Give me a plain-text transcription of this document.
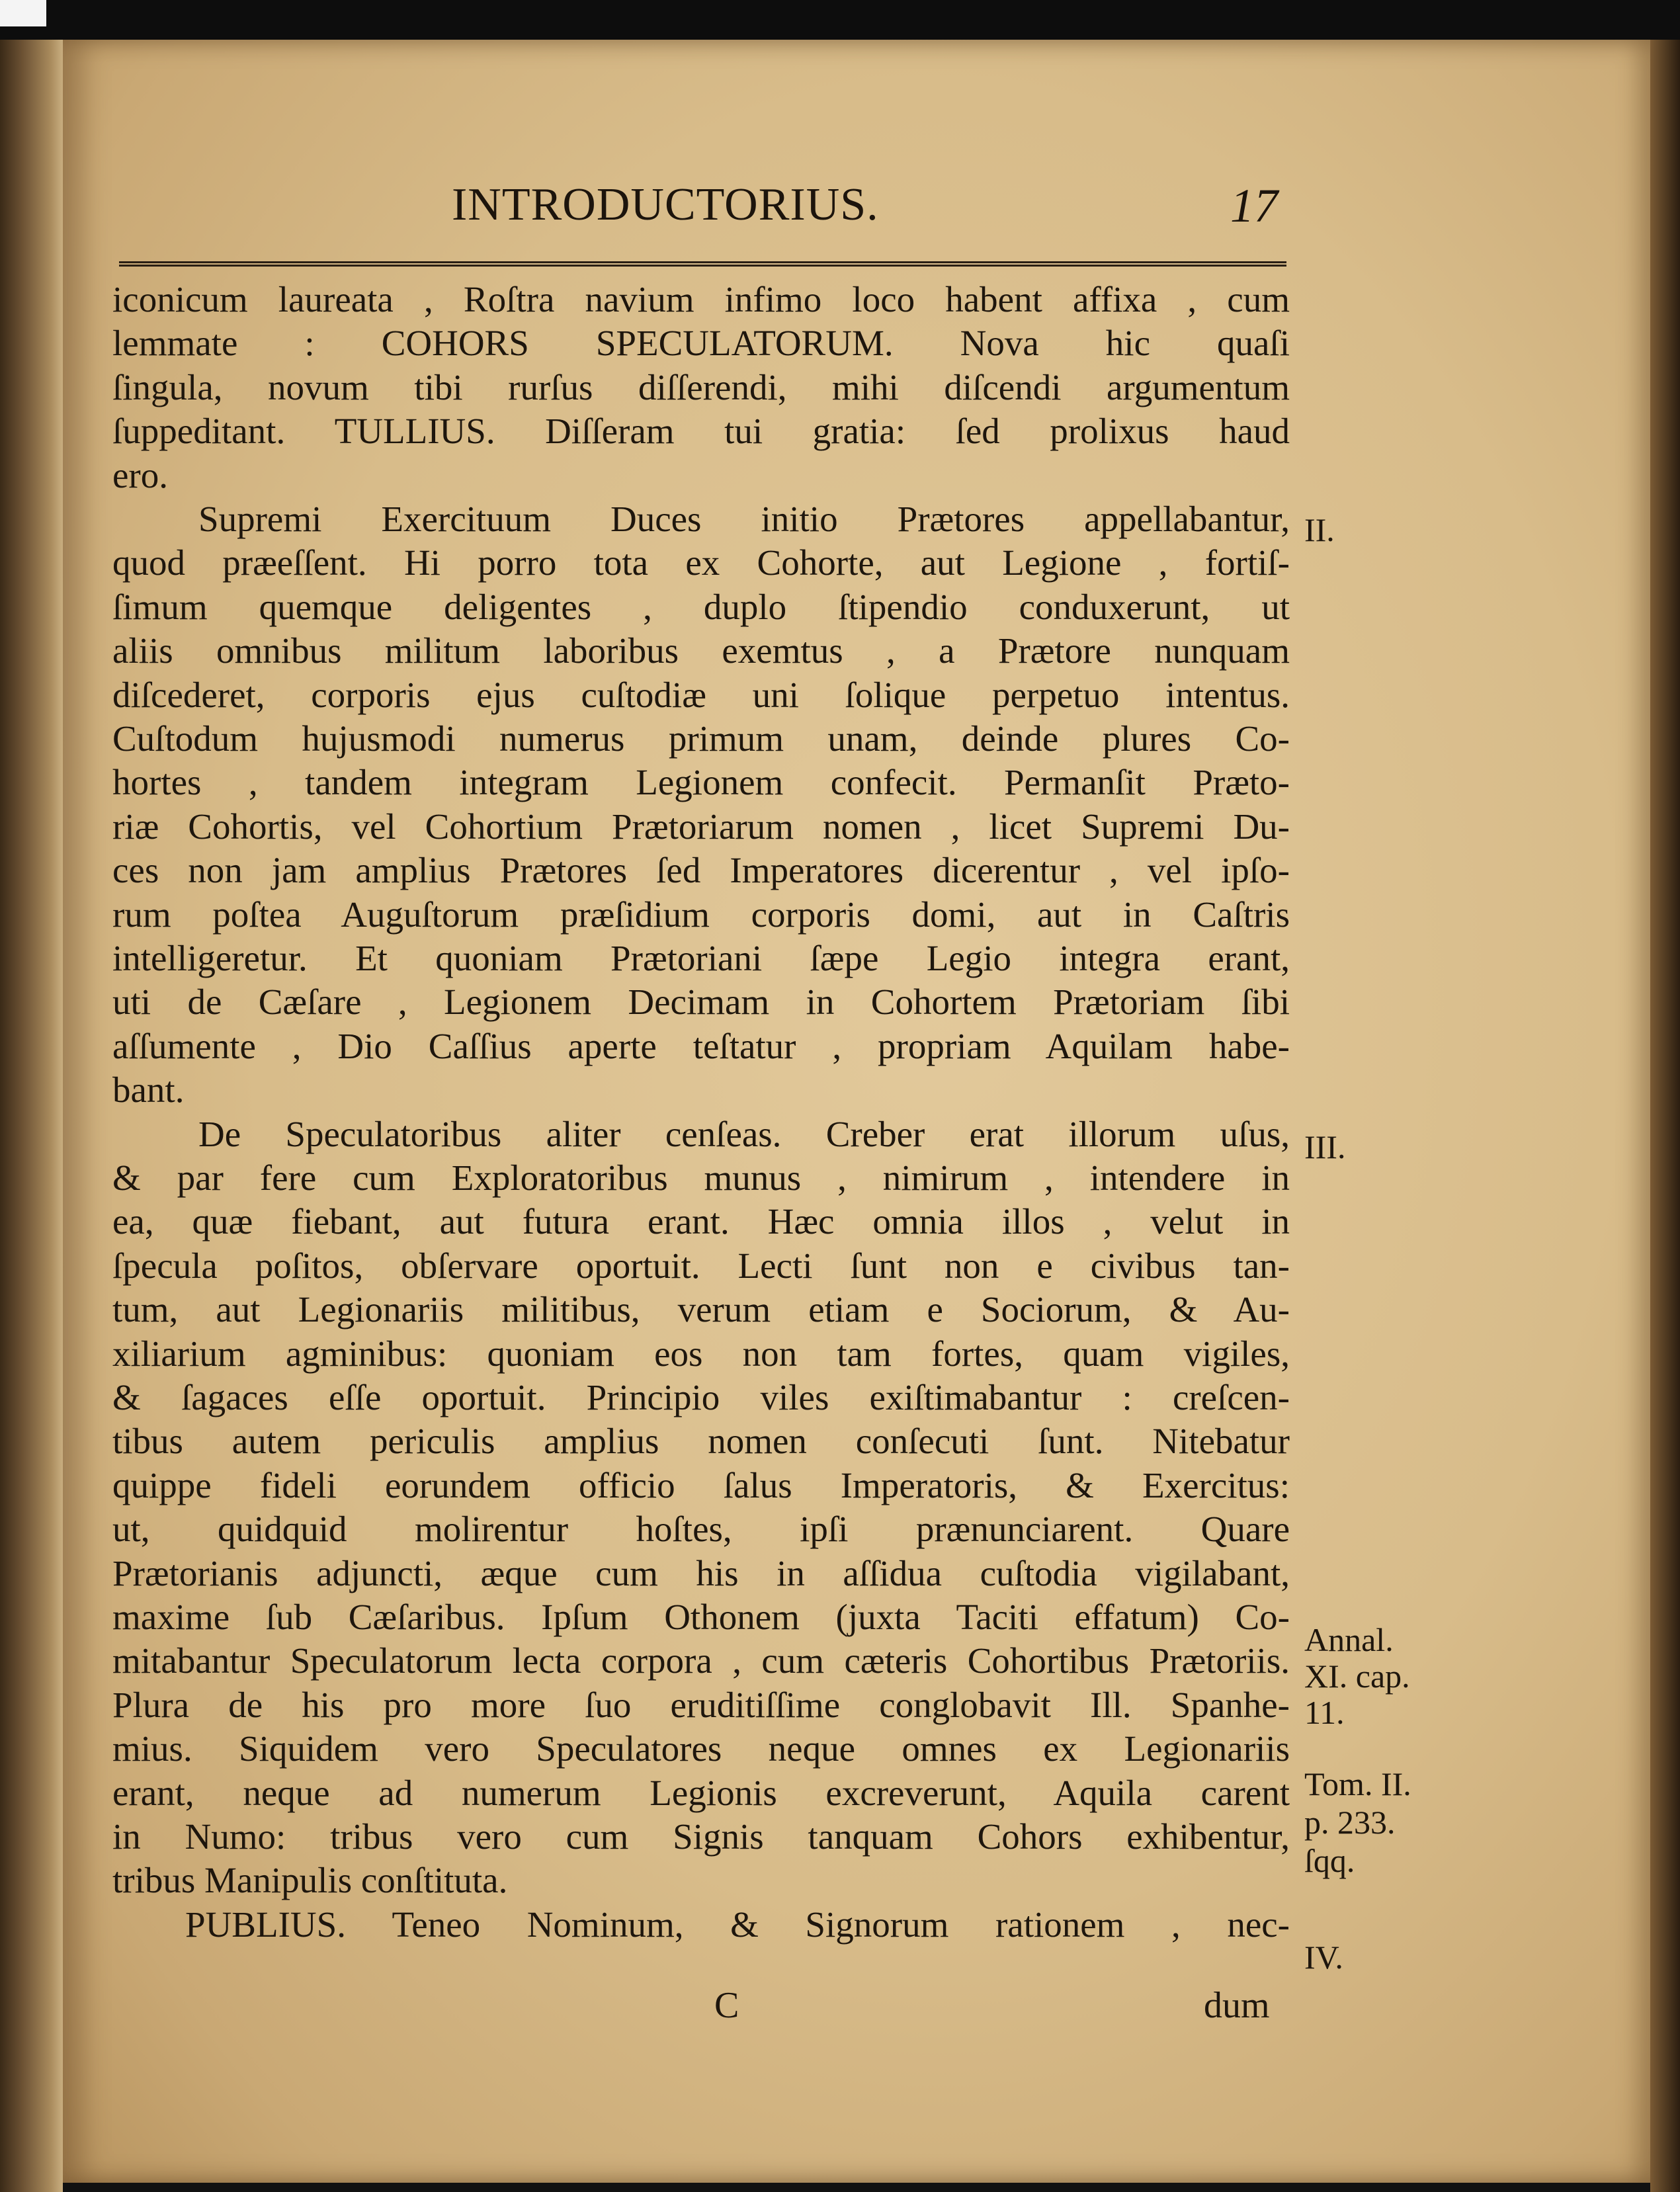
INTRODUCTORIUS.	17
iconicum laureata , Roſtra navium infimo loco habent affixa , cum
lemmate : COHORS SPECULATORUM. Nova hic quaſi
ſingula, novum tibi rurſus diſſerendi, mihi diſcendi argumentum
ſuppeditant. TULLIUS. Diſſeram tui gratia: ſed prolixus haud
ero.
Supremi Exercituum Duces initio Prætores appellabantur,
quod præeſſent. Hi porro tota ex Cohorte, aut Legione , fortiſ-
ſimum quemque deligentes , duplo ſtipendio conduxerunt, ut
aliis omnibus militum laboribus exemtus , a Prætore nunquam
diſcederet, corporis ejus cuſtodiæ uni ſolique perpetuo intentus.
Cuſtodum hujusmodi numerus primum unam, deinde plures Co-
hortes , tandem integram Legionem confecit. Permanſit Præto-
riæ Cohortis, vel Cohortium Prætoriarum nomen , licet Supremi Du-
ces non jam amplius Prætores ſed Imperatores dicerentur , vel ipſo-
rum poſtea Auguſtorum præſidium corporis domi, aut in Caſtris
intelligeretur. Et quoniam Prætoriani ſæpe Legio integra erant,
uti de Cæſare , Legionem Decimam in Cohortem Prætoriam ſibi
aſſumente , Dio Caſſius aperte teſtatur , propriam Aquilam habe-
bant.
De Speculatoribus aliter cenſeas. Creber erat illorum uſus,
& par fere cum Exploratoribus munus , nimirum , intendere in
ea, quæ fiebant, aut futura erant. Hæc omnia illos , velut in
ſpecula poſitos, obſervare oportuit. Lecti ſunt non e civibus tan-
tum, aut Legionariis militibus, verum etiam e Sociorum, & Au-
xiliarium agminibus: quoniam eos non tam fortes, quam vigiles,
& ſagaces eſſe oportuit. Principio viles exiſtimabantur : creſcen-
tibus autem periculis amplius nomen conſecuti ſunt. Nitebatur
quippe fideli eorundem officio ſalus Imperatoris, & Exercitus:
ut, quidquid molirentur hoſtes, ipſi prænunciarent. Quare
Prætorianis adjuncti, æque cum his in aſſidua cuſtodia vigilabant,
maxime ſub Cæſaribus. Ipſum Othonem (juxta Taciti effatum) Co-
mitabantur Speculatorum lecta corpora , cum cæteris Cohortibus Prætoriis.
Plura de his pro more ſuo eruditiſſime conglobavit Ill. Spanhe-
mius. Siquidem vero Speculatores neque omnes ex Legionariis
erant, neque ad numerum Legionis excreverunt, Aquila carent
in Numo: tribus vero cum Signis tanquam Cohors exhibentur,
tribus Manipulis conſtituta.
PUBLIUS. Teneo Nominum, & Signorum rationem , nec-
II.
III.
Annal.
XI. cap.
11.
Tom. II.
p. 233.
ſqq.
IV.
C	dum
